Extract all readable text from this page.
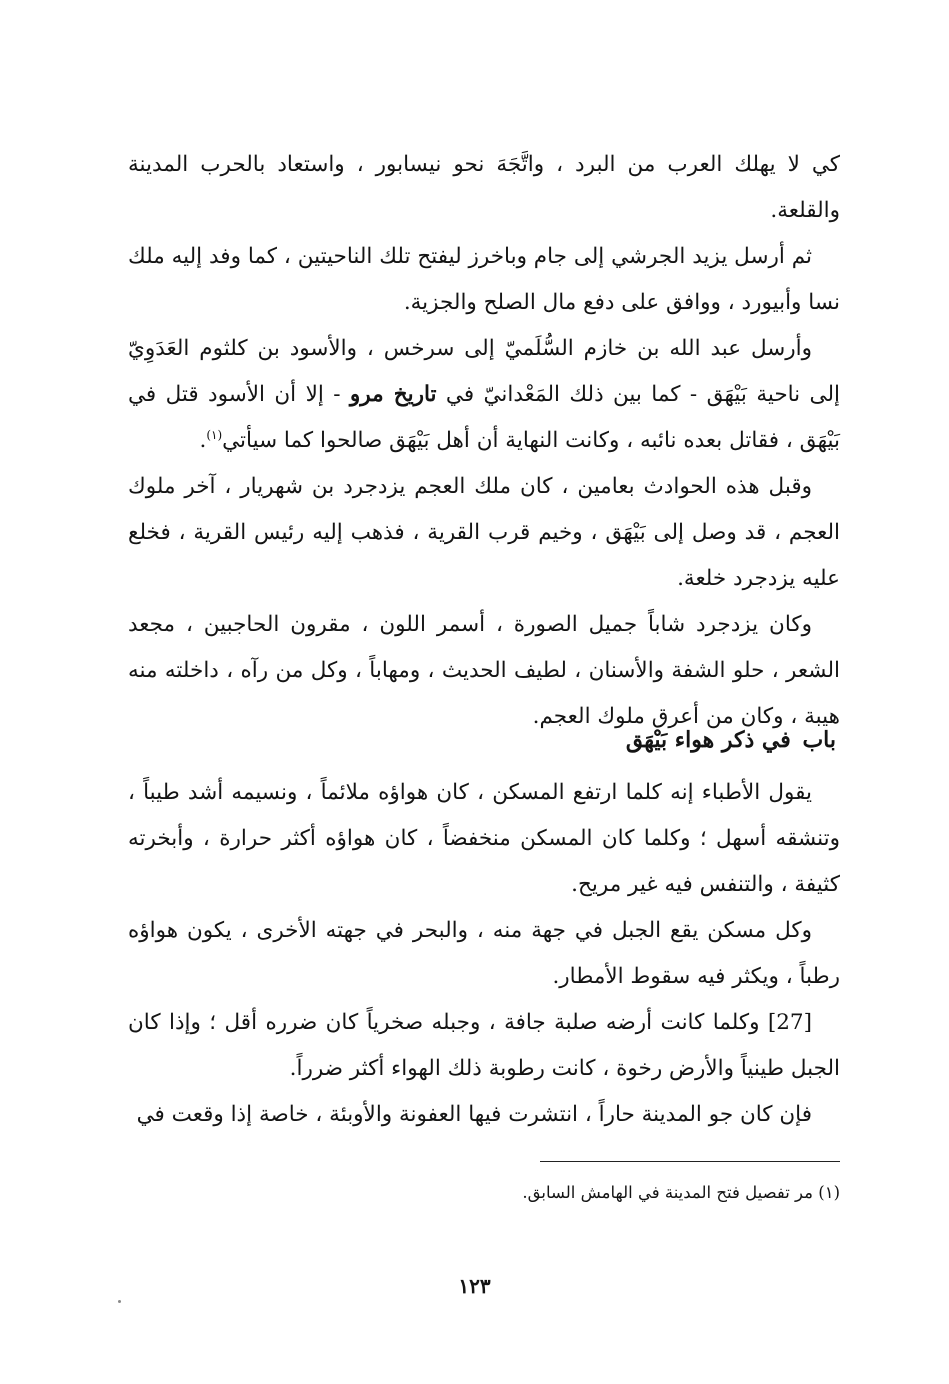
كي لا يهلك العرب من البرد ، واتَّجَهَ نحو نيسابور ، واستعاد بالحرب المدينة والقلعة.

ثم أرسل يزيد الجرشي إلى جام وباخرز ليفتح تلك الناحيتين ، كما وفد إليه ملك نسا وأبيورد ، ووافق على دفع مال الصلح والجزية.

وأرسل عبد الله بن خازم السُّلَميّ إلى سرخس ، والأسود بن كلثوم العَدَوِيّ إلى ناحية بَيْهَق - كما بين ذلك المَعْدانيّ في تاريخ مرو - إلا أن الأسود قتل في بَيْهَق ، فقاتل بعده نائبه ، وكانت النهاية أن أهل بَيْهَق صالحوا كما سيأتي$^{(١)}$.

وقبل هذه الحوادث بعامين ، كان ملك العجم يزدجرد بن شهريار ، آخر ملوك العجم ، قد وصل إلى بَيْهَق ، وخيم قرب القرية ، فذهب إليه رئيس القرية ، فخلع عليه يزدجرد خلعة.

وكان يزدجرد شاباً جميل الصورة ، أسمر اللون ، مقرون الحاجبين ، مجعد الشعر ، حلو الشفة والأسنان ، لطيف الحديث ، ومهاباً ، وكل من رآه ، داخلته منه هيبة ، وكان من أعرق ملوك العجم.

باب في ذكر هواء بَيْهَق

يقول الأطباء إنه كلما ارتفع المسكن ، كان هواؤه ملائماً ، ونسيمه أشد طيباً ، وتنشقه أسهل ؛ وكلما كان المسكن منخفضاً ، كان هواؤه أكثر حرارة ، وأبخرته كثيفة ، والتنفس فيه غير مريح.

وكل مسكن يقع الجبل في جهة منه ، والبحر في جهته الأخرى ، يكون هواؤه رطباً ، ويكثر فيه سقوط الأمطار.

[27] وكلما كانت أرضه صلبة جافة ، وجبله صخرياً كان ضرره أقل ؛ وإذا كان الجبل طينياً والأرض رخوة ، كانت رطوبة ذلك الهواء أكثر ضرراً.

فإن كان جو المدينة حاراً ، انتشرت فيها العفونة والأوبئة ، خاصة إذا وقعت في

(١) مر تفصيل فتح المدينة في الهامش السابق.
١٢٣
